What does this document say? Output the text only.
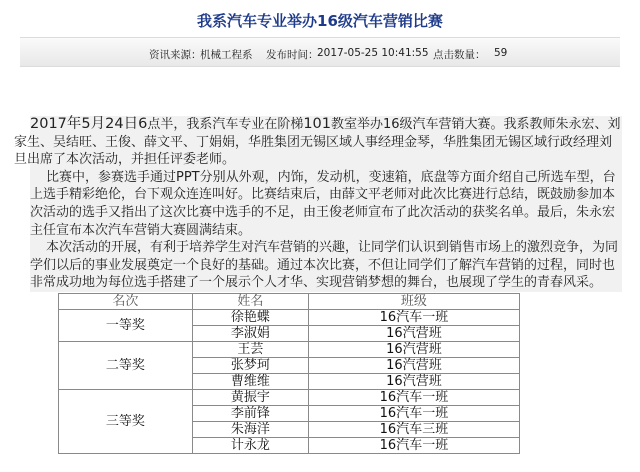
我系汽车专业举办16级汽车营销比赛
资讯来源：
机械工程系 发布时间：
2017-05-25 10:41:55 点击数量： 59

2017年5月24日6点半，我系汽车专业在阶梯101教室举办16级汽车营销大赛。我系教师朱永宏、刘家生、吴结旺、王俊、薛文平、丁娟娟，华胜集团无锡区域人事经理金琴，华胜集团无锡区域行政经理刘旦出席了本次活动，并担任评委老师。

比赛中，参赛选手通过PPT分别从外观，内饰，发动机，变速箱，底盘等方面介绍自己所选车型，台上选手精彩绝伦，台下观众连连叫好。比赛结束后，由薛文平老师对此次比赛进行总结，既鼓励参加本次活动的选手又指出了这次比赛中选手的不足，由王俊老师宣布了此次活动的获奖名单。最后，朱永宏主任宣布本次汽车营销大赛圆满结束。

本次活动的开展，有利于培养学生对汽车营销的兴趣，让同学们认识到销售市场上的激烈竞争，为同学们以后的事业发展奠定一个良好的基础。通过本次比赛，不但让同学们了解汽车营销的过程，同时也非常成功地为每位选手搭建了一个展示个人才华、实现营销梦想的舞台，也展现了学生的青春风采。

名次	姓名	班级
一等奖	徐艳蝶	16汽车一班
	李淑娟	16汽营班
二等奖	王芸	16汽营班
	张梦珂	16汽营班
	曹维维	16汽营班
三等奖	黄振宇	16汽车一班
	李前锋	16汽车一班
	朱海洋	16汽车三班
	计永龙	16汽车一班
